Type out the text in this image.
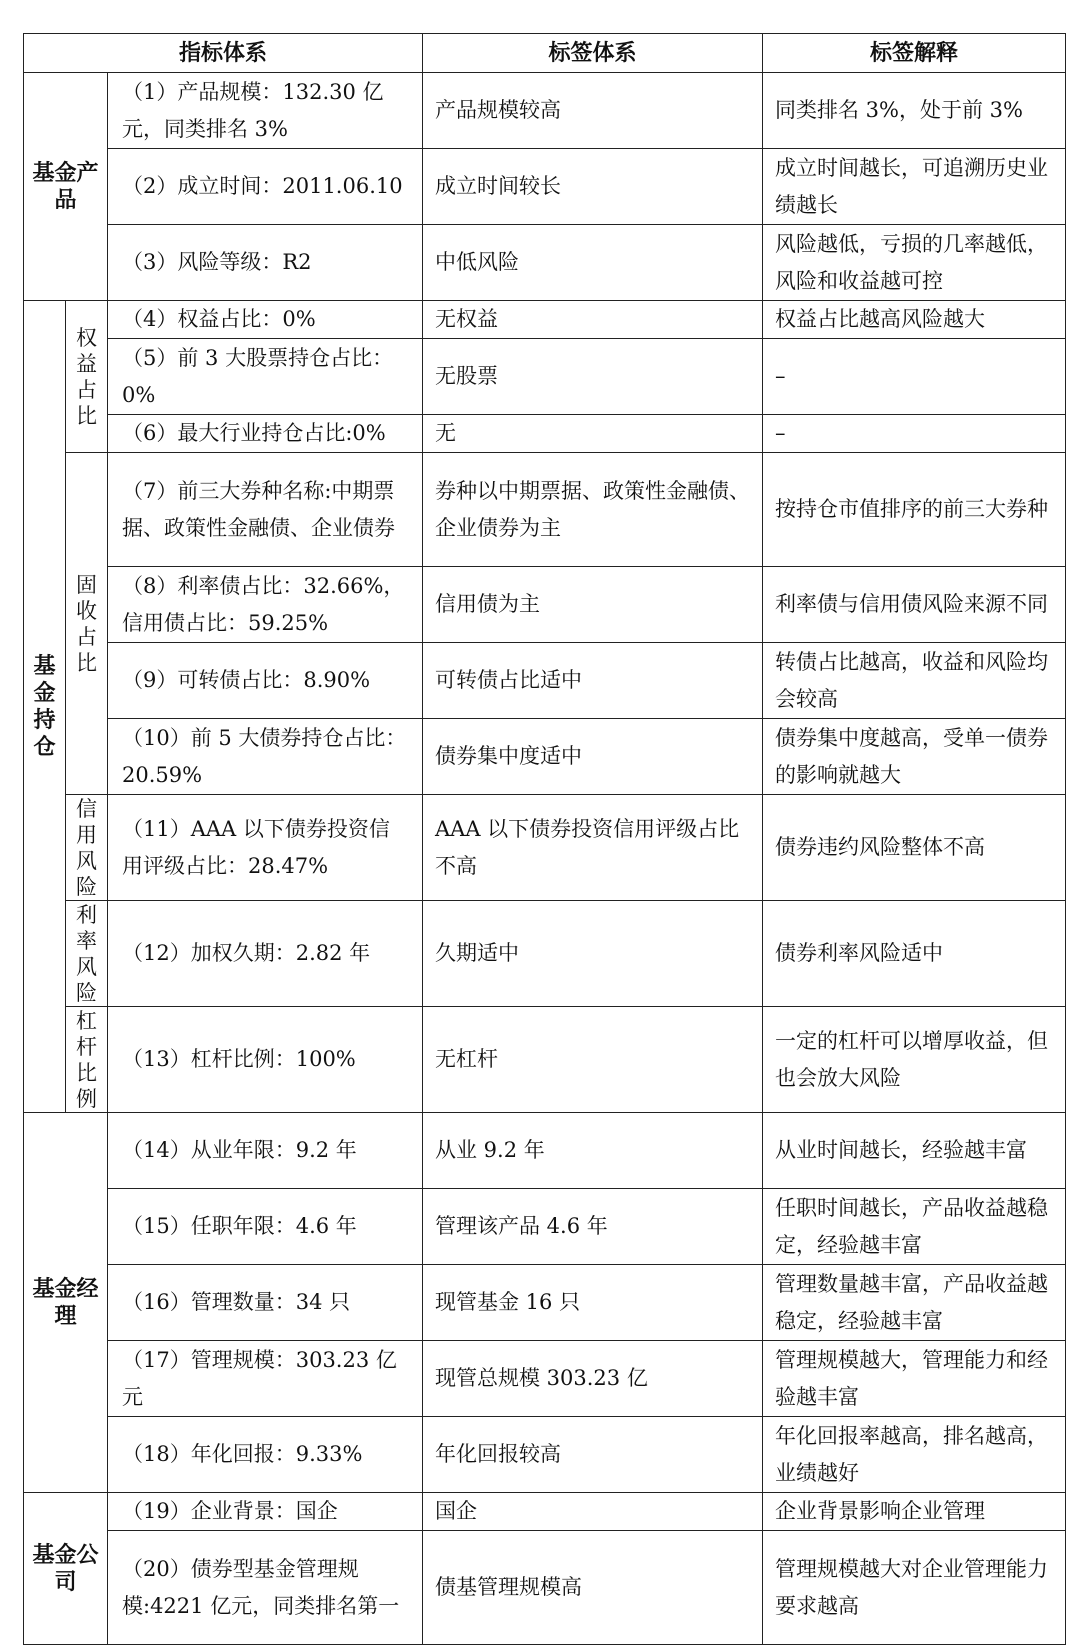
指标体系			标签体系	标签解释
基金产品		（1）产品规模：132.30 亿元，同类排名 3%	产品规模较高	同类排名 3%，处于前 3%
		（2）成立时间：2011.06.10	成立时间较长	成立时间越长，可追溯历史业绩越长
		（3）风险等级：R2	中低风险	风险越低，亏损的几率越低，风险和收益越可控
基金持仓	权益占比	（4）权益占比：0%	无权益	权益占比越高风险越大
		（5）前 3 大股票持仓占比：0%	无股票	–
		（6）最大行业持仓占比:0%	无	–
	固收占比	（7）前三大券种名称:中期票据、政策性金融债、企业债券	券种以中期票据、政策性金融债、企业债券为主	按持仓市值排序的前三大券种
		（8）利率债占比：32.66%，信用债占比：59.25%	信用债为主	利率债与信用债风险来源不同
		（9）可转债占比：8.90%	可转债占比适中	转债占比越高，收益和风险均会较高
		（10）前 5 大债券持仓占比：20.59%	债券集中度适中	债券集中度越高，受单一债券的影响就越大
	信用风险	（11）AAA 以下债券投资信用评级占比：28.47%	AAA 以下债券投资信用评级占比不高	债券违约风险整体不高
	利率风险	（12）加权久期：2.82 年	久期适中	债券利率风险适中
	杠杆比例	（13）杠杆比例：100%	无杠杆	一定的杠杆可以增厚收益，但也会放大风险
基金经理		（14）从业年限：9.2 年	从业 9.2 年	从业时间越长，经验越丰富
		（15）任职年限：4.6 年	管理该产品 4.6 年	任职时间越长，产品收益越稳定，经验越丰富
		（16）管理数量：34 只	现管基金 16 只	管理数量越丰富，产品收益越稳定，经验越丰富
		（17）管理规模：303.23 亿元	现管总规模 303.23 亿	管理规模越大，管理能力和经验越丰富
		（18）年化回报：9.33%	年化回报较高	年化回报率越高，排名越高，业绩越好
基金公司		（19）企业背景：国企	国企	企业背景影响企业管理
		（20）债券型基金管理规模:4221 亿元，同类排名第一	债基管理规模高	管理规模越大对企业管理能力要求越高
